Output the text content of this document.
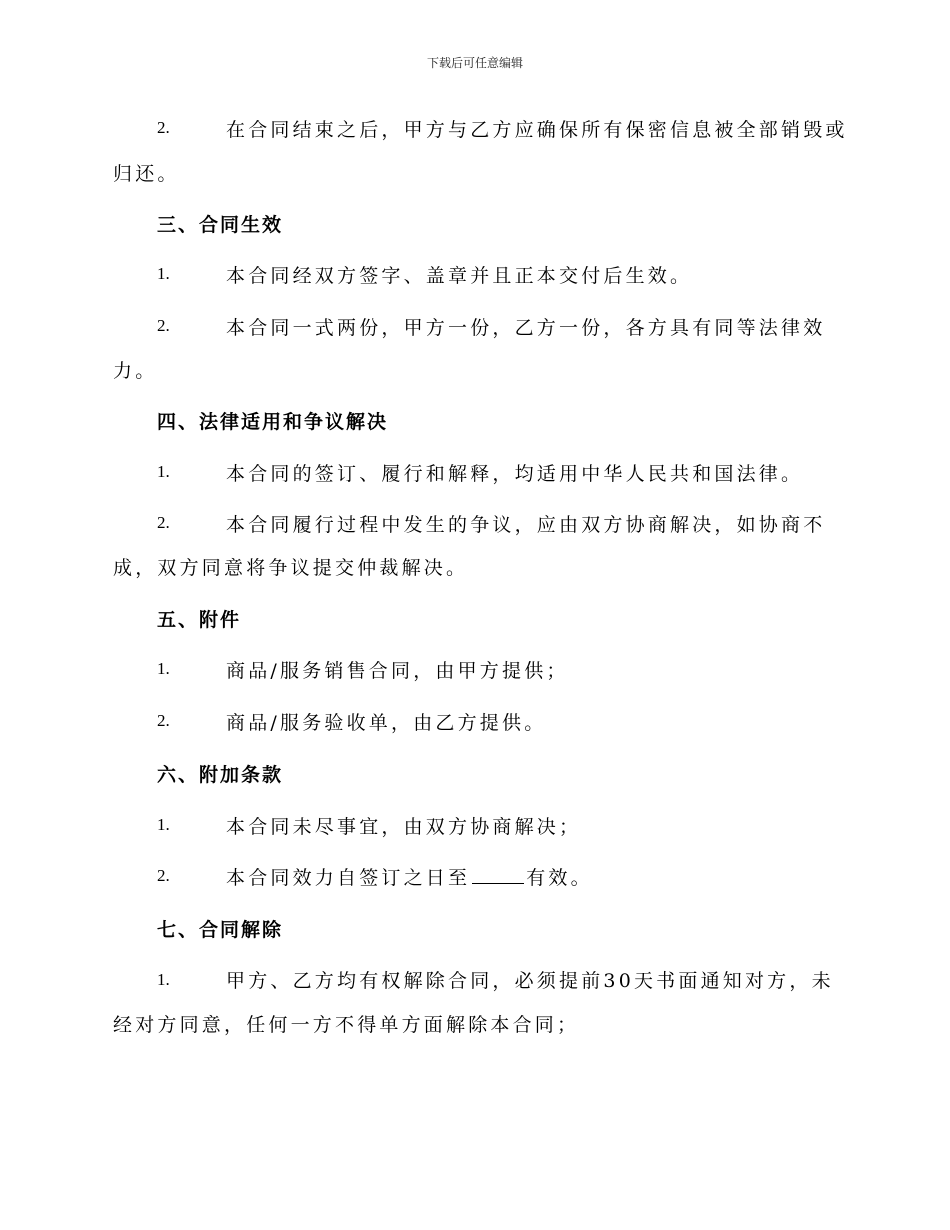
下载后可任意编辑
2.	在合同结束之后，甲方与乙方应确保所有保密信息被全部销毁或
归还。
三、合同生效
1.	本合同经双方签字、盖章并且正本交付后生效。
2.	本合同一式两份，甲方一份，乙方一份，各方具有同等法律效
力。
四、法律适用和争议解决
1.	本合同的签订、履行和解释，均适用中华人民共和国法律。
2.	本合同履行过程中发生的争议，应由双方协商解决，如协商不
成，双方同意将争议提交仲裁解决。
五、附件
1.	商品/服务销售合同，由甲方提供；
2.	商品/服务验收单，由乙方提供。
六、附加条款
1.	本合同未尽事宜，由双方协商解决；
2.	本合同效力自签订之日至	有效。
七、合同解除
1.	甲方、乙方均有权解除合同，必须提前30天书面通知对方，未
经对方同意，任何一方不得单方面解除本合同；
